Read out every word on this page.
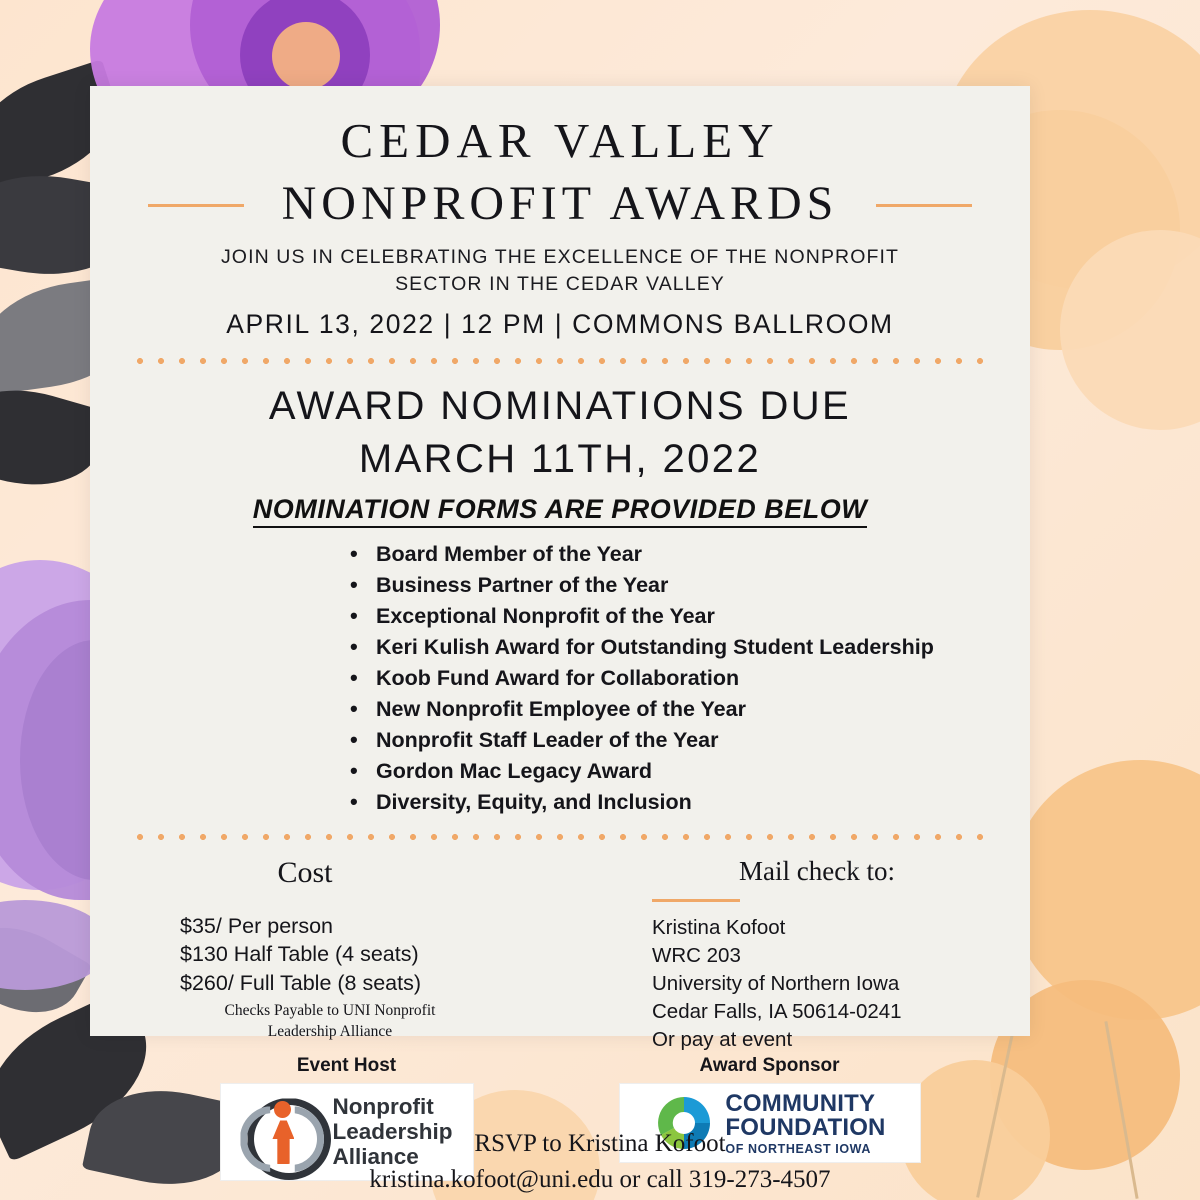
CEDAR VALLEY
NONPROFIT AWARDS
JOIN US IN CELEBRATING THE EXCELLENCE OF THE NONPROFIT
SECTOR IN THE CEDAR VALLEY
APRIL 13, 2022 | 12 PM | COMMONS BALLROOM
AWARD NOMINATIONS DUE
MARCH 11TH, 2022
NOMINATION FORMS ARE PROVIDED BELOW
• Board Member of the Year
• Business Partner of the Year
• Exceptional Nonprofit of the Year
• Keri Kulish Award for Outstanding Student Leadership
• Koob Fund Award for Collaboration
• New Nonprofit Employee of the Year
• Nonprofit Staff Leader of the Year
• Gordon Mac Legacy Award
• Diversity, Equity, and Inclusion
Cost
$35/ Per person
$130 Half Table (4 seats)
$260/ Full Table (8 seats)
Checks Payable to UNI Nonprofit
Leadership Alliance
Mail check to:
Kristina Kofoot
WRC 203
University of Northern Iowa
Cedar Falls, IA 50614-0241
Or pay at event
Event Host
Nonprofit
Leadership
Alliance
Award Sponsor
COMMUNITY
FOUNDATION
OF NORTHEAST IOWA
RSVP to Kristina Kofoot
kristina.kofoot@uni.edu or call 319-273-4507
